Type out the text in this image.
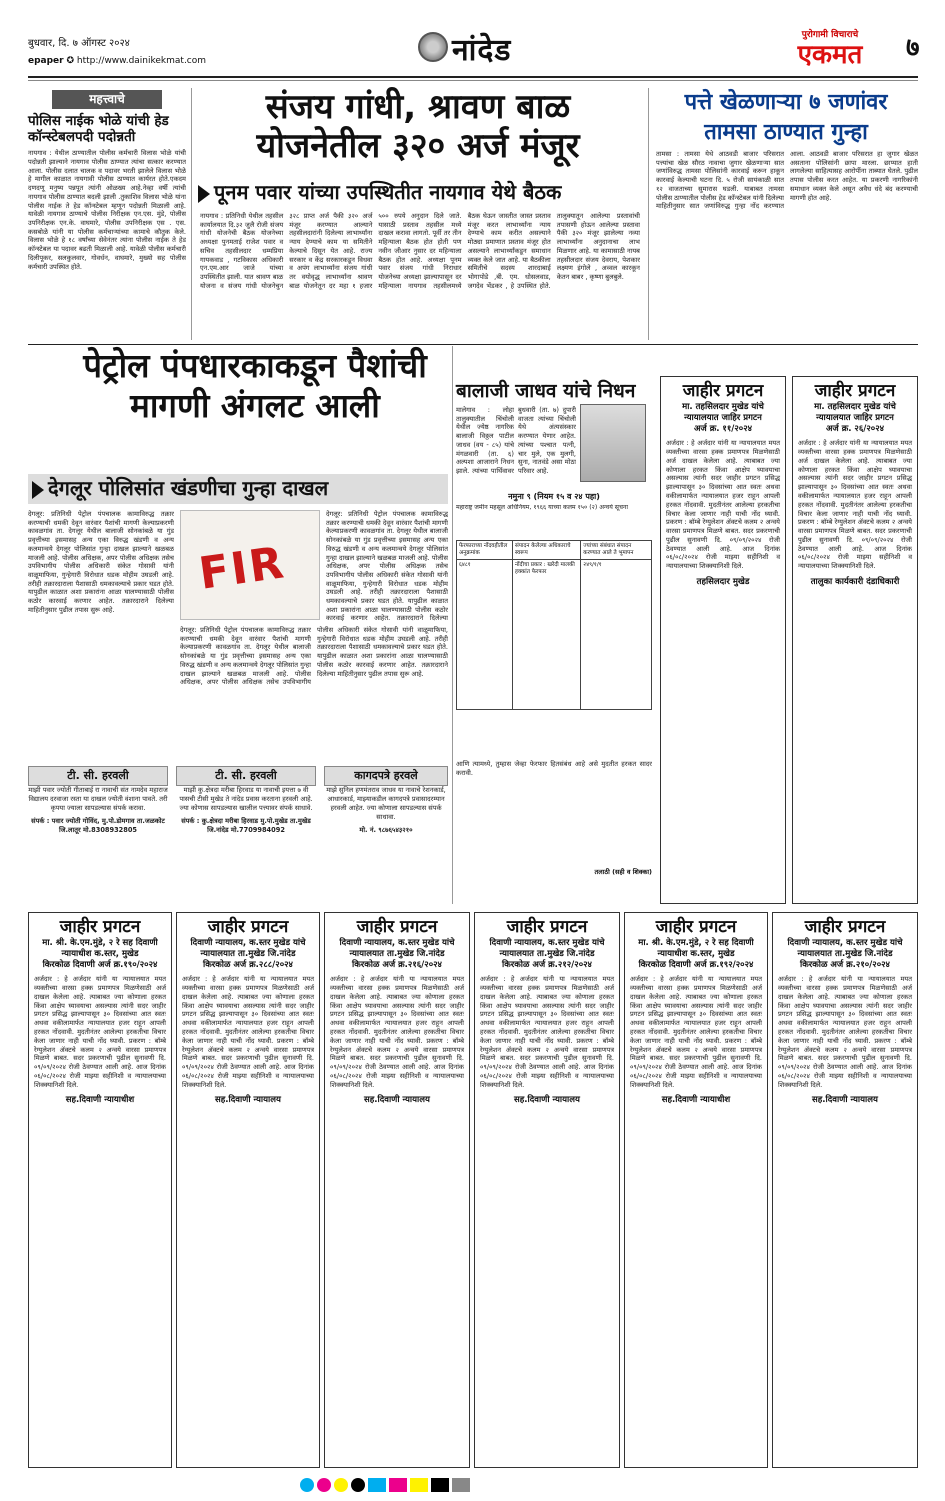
बुधवार, दि. ७ ऑगस्ट २०२४
epaper ✪ http://www.dainikekmat.com	नांदेड	पुरोगामी विचाराचे
एकमत	७
महत्त्वाचे
पोलिस नाईक भोळे यांची हेड कॉन्स्टेबलपदी पदोन्नती
नायगाव : येथील ठाण्यातील पोलीस कर्मचारी विलास भोळे यांची पदोन्नती झाल्याने नायगाव पोलीस ठाण्यात त्यांचा सत्कार करण्यात आला. पोलीस दलात चालक व पदावर भरती झालेले विलास भोळे हे मागील काळात नायगावी पोलीस ठाण्यात कार्यरत होते.एकदम दणदणू मनुष्य पन्नपूत त्यांनी ओळख्य आहे.नेव्हा वर्षी त्यांची नायगाव पोलीस ठाण्यात बदली झाली .तुकाशिव विलास भोळे यांना पोलीस नाईक ते हेड कॉन्स्टेबल म्हणून पदोन्नती मिळाली आहे. यावेळी नायगाव ठाण्याचे पोलीस निरीक्षक एन.एस. मुंडे, पोलीस उपनिरीक्षक एन.के. वाघमारे, पोलीस उपनिरीक्षक एस . एस. कसबोळे यांनी या पोलीस कर्मचाऱ्यांच्या कामाचे कौतुक केले. विलास भोळे हे १८ वर्षांच्या सेवेनंतर त्यांना पोलीस नाईक ते हेड कॉन्स्टेबल या पदावर बढती मिळाली आहे. यावेळी पोलीस कर्मचारी दिलीपूकर, सलकुलवार, गोवर्धन, वाघमारे, मुख्यो सह पोलीस कर्मचारी उपस्थित होते.
संजय गांधी, श्रावण बाळ योजनेतील ३२० अर्ज मंजूर
पूनम पवार यांच्या उपस्थितीत नायगाव येथे बैठक
नायगाव : प्रतिनिधी येथील तहसील कार्यालयात दि.३२ जुलै रोजी संजय गांधी योजनेची बैठक योजनेच्या अध्यक्षा पुनमताई राजेश पवार व सचिव तहसीलदार धम्मप्रिया गायकवाड , गटविकास अधिकारी एन.एम.आर जाजे यांच्या उपस्थितीत झाली. यात श्रावण बाळ योजना व संजय गांधी योजनेचुन ३२८ प्राप्त अर्ज पैकी ३२० अर्ज मंजूर करण्यात आल्याने तहसीलदारांनी दिलेल्या लाभार्थ्यांना न्याय देण्याचे काम या समितीने केल्याचे दिसून येत आहे. राज्य सरकार व केंद्र सरकारकडून विधवा व अपंग लाभार्थ्यांना संजय गांधी तर वयोवृद्ध लाभार्थ्यांना श्रावण बाळ योजनेतून दर महा १ हजार ५०० रुपये अनुदान दिले जाते. यासाठी प्रस्ताव तहसील मध्ये दाखल करावा लागतो. पूर्वी तर तीन महिन्याला बैठक होत होती पण नवीन जीआर नुसार दर महिन्याला बैठक होत आहे. अध्यक्षा पूनम पवार संजय गांधी निराधार योजनेच्या अध्यक्षा झाल्यापासून दर महिन्याला नायगाव तहसीलमध्ये बैठक घेऊन जास्तीत जास्त प्रस्ताव मंजूर करत लाभार्थ्यांना न्याय देण्याचे काम करीत असल्याने मोठ्या प्रमाणात प्रस्ताव मंजूर होत असल्याने लाभार्थ्यांकडून समाधान व्यक्त केले जात आहे. या बैठकीला समितीचे सदस्य शारदाबाई भोगापोडे ,बी. एम. धोसलवाड, जगदेव भेंडकर , हे उपस्थित होते. तालुक्यातून आलेल्या प्रस्तावांची तपासणी होऊन आलेल्या प्रस्तावा पैकी ३२० मंजूर झालेल्या नव्या लाभार्थ्यांना अनुदानाचा लाभ मिळणार आहे. या कामासाठी नायब तहसीलदार संजय देवराय, पेशकार लक्ष्मण इंगोले , अव्वल कारकून केतन बाबर , कृष्णा बुलबुले.
पत्ते खेळणाऱ्या ७ जणांवर तामसा ठाण्यात गुन्हा
तामसा : तामसा येथे आठवडी बाजार परिसरात पत्त्यांचा खेळ सौरठ नावाचा जुगार खेळणाऱ्या सात जणांविरुद्ध तामसा पोलिसांनी कारवाई करून हाकून कारवाई केल्याची घटना दि. ५ रोजी सायंकाळी सात १२ वाजताच्या सुमारास घडली. याबाबत तामसा पोलीस ठाण्यातील पोलीस हेड काँन्स्टेबल यांनी दिलेल्या माहितीनुसार सात जणांविरुद्ध गुन्हा नोंद करण्यात आला. आठवडी बाजार परिसरात हा जुगार खेळत असताना पोलिसांनी छापा मारला. छाप्यात हाती लागलेल्या साहित्यासह आरोपींना ताब्यात घेतले. पुढील तपास पोलीस करत आहेत. या प्रकरणी नागरिकांनी समाधान व्यक्त केले असून अवैध धंदे बंद करण्याची मागणी होत आहे.
पेट्रोल पंपधारकाकडून पैशांची मागणी अंगलट आली
देगलूर पोलिसांत खंडणीचा गुन्हा दाखल
देगलूर: प्रतिनिधी पेट्रोल पंपचालक कामाविरुद्ध तक्रार करण्याची धमकी देवून वारंवार पैशांची मागणी केल्याप्रकरणी कावळगांव ता. देगलूर येथील बालाजी सोनकांबळे या गुंड प्रवृत्तीच्या इसमासह अन्य एका विरुद्ध खंडणी व अन्य कलमान्वये देगलूर पोलिसांत गुन्हा दाखल झाल्याने खळबळ माजली आहे. पोलीस अधिक्षक, अपर पोलीस अधिक्षक तसेच उपविभागीय पोलीस अधिकारी संकेत गोसावी यांनी वाळूमाफिया, गुन्हेगारी विरोधात धडक मोहीम उघडली आहे. तरीही तक्रारदाराला पैशासाठी धमकावल्याचे प्रकार घडत होते. यापुढील काळात अशा प्रकारांना आळा घालण्यासाठी पोलीस कठोर कारवाई करणार आहेत. तक्रारदाराने दिलेल्या माहितीनुसार पुढील तपास सुरू आहे.
FIR
देगलूर: प्रतिनिधी पेट्रोल पंपचालक कामाविरुद्ध तक्रार करण्याची धमकी देवून वारंवार पैशांची मागणी केल्याप्रकरणी कावळगांव ता. देगलूर येथील बालाजी सोनकांबळे या गुंड प्रवृत्तीच्या इसमासह अन्य एका विरुद्ध खंडणी व अन्य कलमान्वये देगलूर पोलिसांत गुन्हा दाखल झाल्याने खळबळ माजली आहे. पोलीस अधिक्षक, अपर पोलीस अधिक्षक तसेच उपविभागीय पोलीस अधिकारी संकेत गोसावी यांनी वाळूमाफिया, गुन्हेगारी विरोधात धडक मोहीम उघडली आहे. तरीही तक्रारदाराला पैशासाठी धमकावल्याचे प्रकार घडत होते. यापुढील काळात अशा प्रकारांना आळा घालण्यासाठी पोलीस कठोर कारवाई करणार आहेत. तक्रारदाराने दिलेल्या माहितीनुसार पुढील तपास सुरू आहे.
देगलूर: प्रतिनिधी पेट्रोल पंपचालक कामाविरुद्ध तक्रार करण्याची धमकी देवून वारंवार पैशांची मागणी केल्याप्रकरणी कावळगांव ता. देगलूर येथील बालाजी सोनकांबळे या गुंड प्रवृत्तीच्या इसमासह अन्य एका विरुद्ध खंडणी व अन्य कलमान्वये देगलूर पोलिसांत गुन्हा दाखल झाल्याने खळबळ माजली आहे. पोलीस अधिक्षक, अपर पोलीस अधिक्षक तसेच उपविभागीय पोलीस अधिकारी संकेत गोसावी यांनी वाळूमाफिया, गुन्हेगारी विरोधात धडक मोहीम उघडली आहे. तरीही तक्रारदाराला पैशासाठी धमकावल्याचे प्रकार घडत होते. यापुढील काळात अशा प्रकारांना आळा घालण्यासाठी पोलीस कठोर कारवाई करणार आहेत. तक्रारदाराने दिलेल्या
टी. सी. हरवली
माझी पवार ज्योती गीताबाई रा नावाची संत नामदेव महाराज विद्यालय दरवाजा रस्ता या दाखल ज्योती वंशाना पावते. तरी कृपया ज्याला सापडल्यास संपर्क करावा.
संपर्क : पवार ज्योती गोविंद, मु.पो.डोमगाव ता.जळकोट जि.लातूर मो.8308932805
टी. सी. हरवली
माझी कु.क्षेत्रदा मरीबा हिरवाड या नावाची इयत्ता ७ वी पासची टीसी मुखेड ते नांदेड प्रवास करताना हरवली आहे. ज्या कोणास सापडल्यास खालील पत्त्यावर संपर्क साधावे.
संपर्क : कु.क्षेत्रदा मरीबा हिरवाड मु.पो.मुखेड ता.मुखेड जि.नांदेड मो.7709984092
कागदपत्रे हरवले
माझे सुनिल हणमंतराव जाधव या नावाचे रेशनकार्ड, आधारकार्ड, माझ्याकडील कागदपत्रे प्रवासादरम्यान हरवली आहेत. ज्या कोणाला सापडल्यास संपर्क साधावा.
मो. नं. ९८७६५४३२१०
बालाजी जाधव यांचे निधन
मालेगाव : लोहा तालुक्यातील चिंचोली येथील ज्येष्ठ नागरिक बालाजी विठ्ठल पाटील जाधव (वय - ८५) यांचे मंगळवारी (ता. ६) अल्पशा आजाराने निधन झाले. त्यांच्या पार्थिवावर बुधवारी (ता. ७) दुपारी वाजता त्यांच्या चिंचोली येथे अंत्यसंस्कार करण्यात येणार आहेत. त्यांच्या पश्चात पत्नी, चार मुले, एक मुलगी, सुना, नातवंडे असा मोठा परिवार आहे.
नमुना ९ (नियम १५ व २४ पहा)
महाराष्ट्र जमीन महसूल अधिनियम, १९६६ याच्या कलम १५० (२) अन्वये सूचना
फेरफाराच्या नोंदवहीतील अनुक्रमांक	संपादन केलेल्या अधिकाराचे स्वरूप	ज्यांच्या संबंधात संपादन करण्यात आले ते भूमापन
६४८१	नोंदीचा प्रकार : खरेदी मालकी हक्कांत फेरफार	२४९/१/१
आणि त्यामध्ये, तुम्हास जेव्हा फेरफार हितसंबंध आहे असे मुदतीत हरकत सादर करावी.
तलाठी (सही व शिक्का)
जाहीर प्रगटन
मा. तहसिलदार मुखेड यांचे न्यायालयात जाहिर प्रगटन
अर्ज क्र. ११/२०२४
अर्जदार : हे अर्जदार यांनी या न्यायालयात मयत व्यक्तीच्या वारसा हक्क प्रमाणपत्र मिळणेसाठी अर्ज दाखल केलेला आहे. त्याबाबत ज्या कोणाला हरकत किंवा आक्षेप घ्यावयाचा असल्यास त्यांनी सदर जाहीर प्रगटन प्रसिद्ध झाल्यापासून ३० दिवसांच्या आत स्वतः अथवा वकीलामार्फत न्यायालयात हजर राहून आपली हरकत नोंदवावी. मुदतीनंतर आलेल्या हरकतीचा विचार केला जाणार नाही याची नोंद घ्यावी. प्रकरण : बॉम्बे रेग्युलेशन ॲक्टचे कलम २ अन्वये वारसा प्रमाणपत्र मिळणे बाबत. सदर प्रकरणाची पुढील सुनावणी दि. ०९/०९/२०२४ रोजी ठेवण्यात आली आहे. आज दिनांक ०६/०८/२०२४ रोजी माझ्या सहीनिशी व न्यायालयाच्या शिक्क्यानिशी दिले.
तहसिलदार मुखेड
जाहीर प्रगटन
मा. तहसिलदार मुखेड यांचे न्यायालयात जाहिर प्रगटन
अर्ज क्र. २६/२०२४
अर्जदार : हे अर्जदार यांनी या न्यायालयात मयत व्यक्तीच्या वारसा हक्क प्रमाणपत्र मिळणेसाठी अर्ज दाखल केलेला आहे. त्याबाबत ज्या कोणाला हरकत किंवा आक्षेप घ्यावयाचा असल्यास त्यांनी सदर जाहीर प्रगटन प्रसिद्ध झाल्यापासून ३० दिवसांच्या आत स्वतः अथवा वकीलामार्फत न्यायालयात हजर राहून आपली हरकत नोंदवावी. मुदतीनंतर आलेल्या हरकतीचा विचार केला जाणार नाही याची नोंद घ्यावी. प्रकरण : बॉम्बे रेग्युलेशन ॲक्टचे कलम २ अन्वये वारसा प्रमाणपत्र मिळणे बाबत. सदर प्रकरणाची पुढील सुनावणी दि. ०९/०९/२०२४ रोजी ठेवण्यात आली आहे. आज दिनांक ०६/०८/२०२४ रोजी माझ्या सहीनिशी व न्यायालयाच्या शिक्क्यानिशी दिले.
तालुका कार्यकारी दंडाधिकारी
जाहीर प्रगटन
मा. श्री. के.एम.मुंडे, २ रे सह दिवाणी न्यायाधीश क.स्तर, मुखेड
किरकोळ दिवाणी अर्ज क्र.१९०/२०२४
अर्जदार : हे अर्जदार यांनी या न्यायालयात मयत व्यक्तीच्या वारसा हक्क प्रमाणपत्र मिळणेसाठी अर्ज दाखल केलेला आहे. त्याबाबत ज्या कोणाला हरकत किंवा आक्षेप घ्यावयाचा असल्यास त्यांनी सदर जाहीर प्रगटन प्रसिद्ध झाल्यापासून ३० दिवसांच्या आत स्वतः अथवा वकीलामार्फत न्यायालयात हजर राहून आपली हरकत नोंदवावी. मुदतीनंतर आलेल्या हरकतीचा विचार केला जाणार नाही याची नोंद घ्यावी. प्रकरण : बॉम्बे रेग्युलेशन ॲक्टचे कलम २ अन्वये वारसा प्रमाणपत्र मिळणे बाबत. सदर प्रकरणाची पुढील सुनावणी दि. ०९/०९/२०२४ रोजी ठेवण्यात आली आहे. आज दिनांक ०६/०८/२०२४ रोजी माझ्या सहीनिशी व न्यायालयाच्या शिक्क्यानिशी दिले.
सह.दिवाणी न्यायाधीश
जाहीर प्रगटन
दिवाणी न्यायालय, क.स्तर मुखेड यांचे न्यायालयात ता.मुखेड जि.नांदेड
किरकोळ अर्ज क्र.२८८/२०२४
अर्जदार : हे अर्जदार यांनी या न्यायालयात मयत व्यक्तीच्या वारसा हक्क प्रमाणपत्र मिळणेसाठी अर्ज दाखल केलेला आहे. त्याबाबत ज्या कोणाला हरकत किंवा आक्षेप घ्यावयाचा असल्यास त्यांनी सदर जाहीर प्रगटन प्रसिद्ध झाल्यापासून ३० दिवसांच्या आत स्वतः अथवा वकीलामार्फत न्यायालयात हजर राहून आपली हरकत नोंदवावी. मुदतीनंतर आलेल्या हरकतीचा विचार केला जाणार नाही याची नोंद घ्यावी. प्रकरण : बॉम्बे रेग्युलेशन ॲक्टचे कलम २ अन्वये वारसा प्रमाणपत्र मिळणे बाबत. सदर प्रकरणाची पुढील सुनावणी दि. ०९/०९/२०२४ रोजी ठेवण्यात आली आहे. आज दिनांक ०६/०८/२०२४ रोजी माझ्या सहीनिशी व न्यायालयाच्या शिक्क्यानिशी दिले.
सह.दिवाणी न्यायालय
जाहीर प्रगटन
दिवाणी न्यायालय, क.स्तर मुखेड यांचे न्यायालयात ता.मुखेड जि.नांदेड
किरकोळ अर्ज क्र.२१६/२०२४
अर्जदार : हे अर्जदार यांनी या न्यायालयात मयत व्यक्तीच्या वारसा हक्क प्रमाणपत्र मिळणेसाठी अर्ज दाखल केलेला आहे. त्याबाबत ज्या कोणाला हरकत किंवा आक्षेप घ्यावयाचा असल्यास त्यांनी सदर जाहीर प्रगटन प्रसिद्ध झाल्यापासून ३० दिवसांच्या आत स्वतः अथवा वकीलामार्फत न्यायालयात हजर राहून आपली हरकत नोंदवावी. मुदतीनंतर आलेल्या हरकतीचा विचार केला जाणार नाही याची नोंद घ्यावी. प्रकरण : बॉम्बे रेग्युलेशन ॲक्टचे कलम २ अन्वये वारसा प्रमाणपत्र मिळणे बाबत. सदर प्रकरणाची पुढील सुनावणी दि. ०९/०९/२०२४ रोजी ठेवण्यात आली आहे. आज दिनांक ०६/०८/२०२४ रोजी माझ्या सहीनिशी व न्यायालयाच्या शिक्क्यानिशी दिले.
सह.दिवाणी न्यायालय
जाहीर प्रगटन
दिवाणी न्यायालय, क.स्तर मुखेड यांचे न्यायालयात ता.मुखेड जि.नांदेड
किरकोळ अर्ज क्र.२१२/२०२४
अर्जदार : हे अर्जदार यांनी या न्यायालयात मयत व्यक्तीच्या वारसा हक्क प्रमाणपत्र मिळणेसाठी अर्ज दाखल केलेला आहे. त्याबाबत ज्या कोणाला हरकत किंवा आक्षेप घ्यावयाचा असल्यास त्यांनी सदर जाहीर प्रगटन प्रसिद्ध झाल्यापासून ३० दिवसांच्या आत स्वतः अथवा वकीलामार्फत न्यायालयात हजर राहून आपली हरकत नोंदवावी. मुदतीनंतर आलेल्या हरकतीचा विचार केला जाणार नाही याची नोंद घ्यावी. प्रकरण : बॉम्बे रेग्युलेशन ॲक्टचे कलम २ अन्वये वारसा प्रमाणपत्र मिळणे बाबत. सदर प्रकरणाची पुढील सुनावणी दि. ०९/०९/२०२४ रोजी ठेवण्यात आली आहे. आज दिनांक ०६/०८/२०२४ रोजी माझ्या सहीनिशी व न्यायालयाच्या शिक्क्यानिशी दिले.
सह.दिवाणी न्यायालय
जाहीर प्रगटन
मा. श्री. के.एम.मुंडे, २ रे सह दिवाणी न्यायाधीश क.स्तर, मुखेड
किरकोळ दिवाणी अर्ज क्र.१९२/२०२४
अर्जदार : हे अर्जदार यांनी या न्यायालयात मयत व्यक्तीच्या वारसा हक्क प्रमाणपत्र मिळणेसाठी अर्ज दाखल केलेला आहे. त्याबाबत ज्या कोणाला हरकत किंवा आक्षेप घ्यावयाचा असल्यास त्यांनी सदर जाहीर प्रगटन प्रसिद्ध झाल्यापासून ३० दिवसांच्या आत स्वतः अथवा वकीलामार्फत न्यायालयात हजर राहून आपली हरकत नोंदवावी. मुदतीनंतर आलेल्या हरकतीचा विचार केला जाणार नाही याची नोंद घ्यावी. प्रकरण : बॉम्बे रेग्युलेशन ॲक्टचे कलम २ अन्वये वारसा प्रमाणपत्र मिळणे बाबत. सदर प्रकरणाची पुढील सुनावणी दि. ०९/०९/२०२४ रोजी ठेवण्यात आली आहे. आज दिनांक ०६/०८/२०२४ रोजी माझ्या सहीनिशी व न्यायालयाच्या शिक्क्यानिशी दिले.
सह.दिवाणी न्यायाधीश
जाहीर प्रगटन
दिवाणी न्यायालय, क.स्तर मुखेड यांचे न्यायालयात ता.मुखेड जि.नांदेड
किरकोळ अर्ज क्र.२१०/२०२४
अर्जदार : हे अर्जदार यांनी या न्यायालयात मयत व्यक्तीच्या वारसा हक्क प्रमाणपत्र मिळणेसाठी अर्ज दाखल केलेला आहे. त्याबाबत ज्या कोणाला हरकत किंवा आक्षेप घ्यावयाचा असल्यास त्यांनी सदर जाहीर प्रगटन प्रसिद्ध झाल्यापासून ३० दिवसांच्या आत स्वतः अथवा वकीलामार्फत न्यायालयात हजर राहून आपली हरकत नोंदवावी. मुदतीनंतर आलेल्या हरकतीचा विचार केला जाणार नाही याची नोंद घ्यावी. प्रकरण : बॉम्बे रेग्युलेशन ॲक्टचे कलम २ अन्वये वारसा प्रमाणपत्र मिळणे बाबत. सदर प्रकरणाची पुढील सुनावणी दि. ०९/०९/२०२४ रोजी ठेवण्यात आली आहे. आज दिनांक ०६/०८/२०२४ रोजी माझ्या सहीनिशी व न्यायालयाच्या शिक्क्यानिशी दिले.
सह.दिवाणी न्यायालय
